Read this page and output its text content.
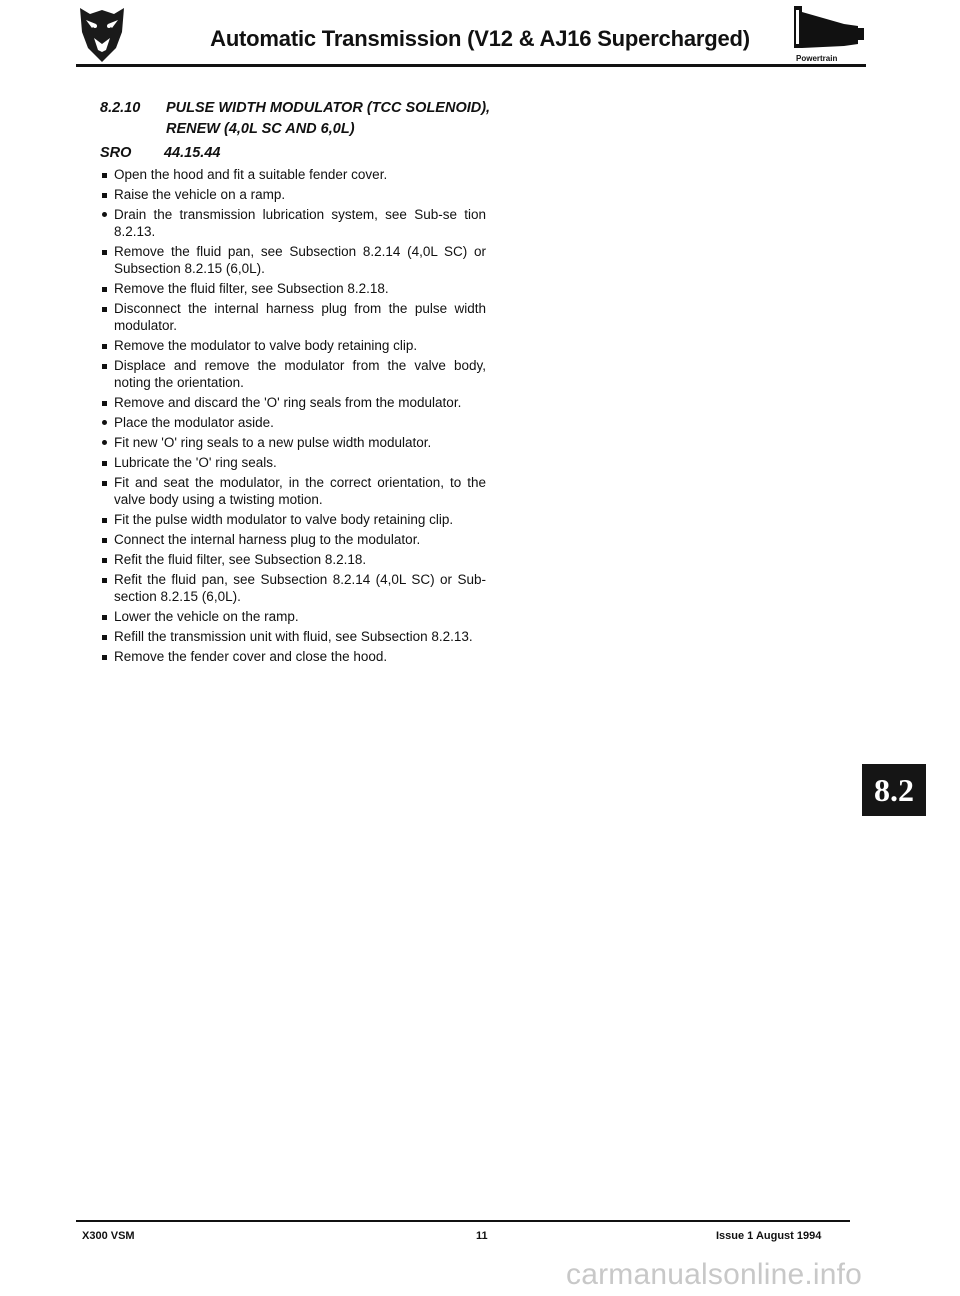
Automatic Transmission (V12 & AJ16 Supercharged)
Powertrain
8.2.10 PULSE WIDTH MODULATOR (TCC SOLENOID), RENEW (4,0L SC AND 6,0L)
SRO 44.15.44
Open the hood and fit a suitable fender cover.
Raise the vehicle on a ramp.
Drain the transmission lubrication system, see Sub-se tion 8.2.13.
Remove the fluid pan, see Subsection 8.2.14 (4,0L SC) or Subsection 8.2.15 (6,0L).
Remove the fluid filter, see Subsection 8.2.18.
Disconnect the internal harness plug from the pulse width modulator.
Remove the modulator to valve body retaining clip.
Displace and remove the modulator from the valve body, noting the orientation.
Remove and discard the 'O' ring seals from the modulator.
Place the modulator aside.
Fit new 'O' ring seals to a new pulse width modulator.
Lubricate the 'O' ring seals.
Fit and seat the modulator, in the correct orientation, to the valve body using a twisting motion.
Fit the pulse width modulator to valve body retaining clip.
Connect the internal harness plug to the modulator.
Refit the fluid filter, see Subsection 8.2.18.
Refit the fluid pan, see Subsection 8.2.14 (4,0L SC) or Sub-section 8.2.15 (6,0L).
Lower the vehicle on the ramp.
Refill the transmission unit with fluid, see Subsection 8.2.13.
Remove the fender cover and close the hood.
8.2
X300 VSM	11	Issue 1 August 1994
carmanualsonline.info
